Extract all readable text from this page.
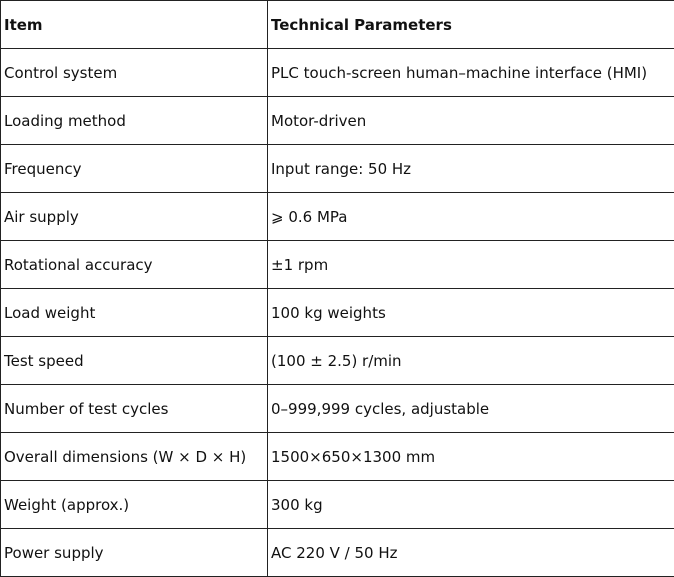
Item	Technical Parameters
Control system	PLC touch-screen human–machine interface (HMI)
Loading method	Motor-driven
Frequency	Input range: 50 Hz
Air supply	⩾ 0.6 MPa
Rotational accuracy	±1 rpm
Load weight	100 kg weights
Test speed	(100 ± 2.5) r/min
Number of test cycles	0–999,999 cycles, adjustable
Overall dimensions (W × D × H)	1500×650×1300 mm
Weight (approx.)	300 kg
Power supply	AC 220 V / 50 Hz
